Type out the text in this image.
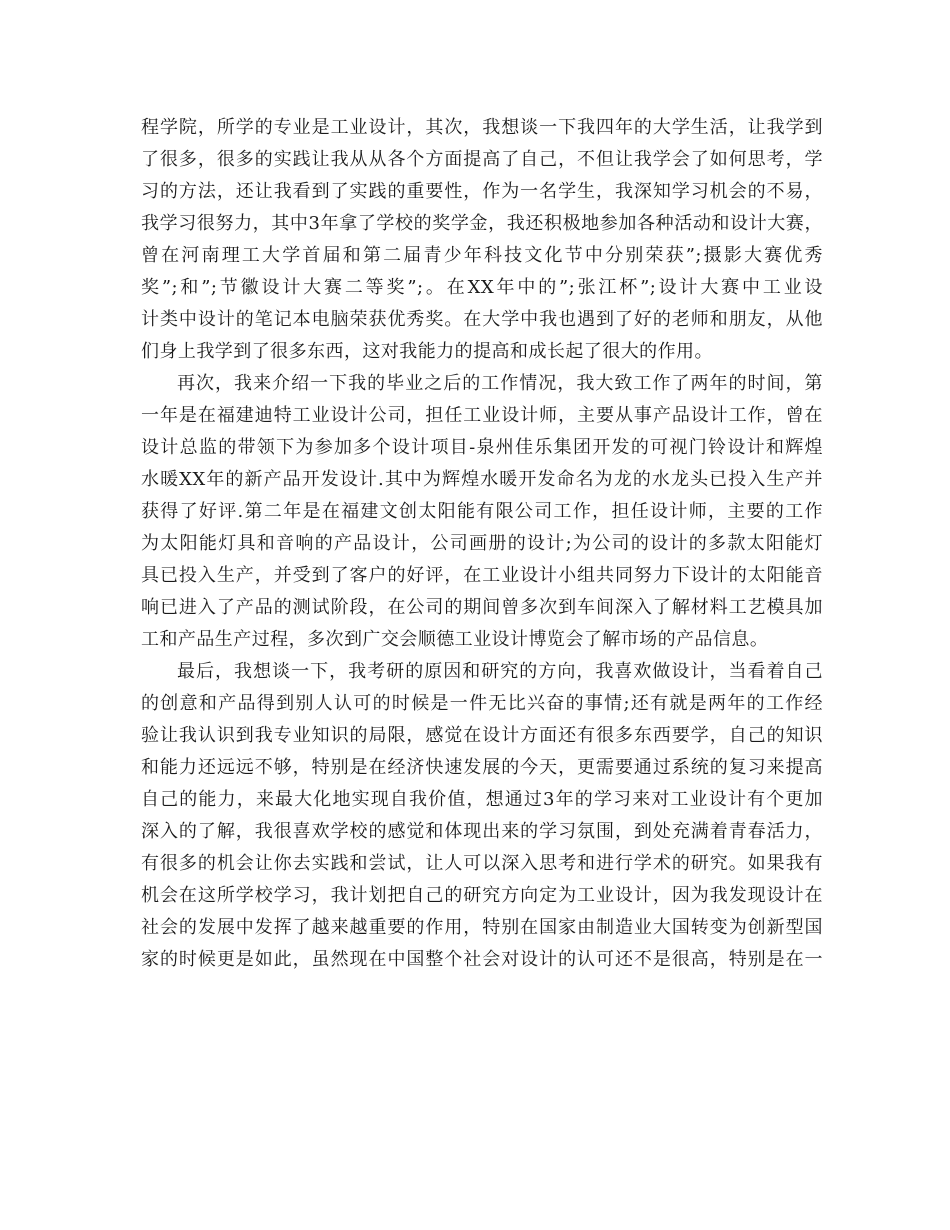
程学院，所学的专业是工业设计，其次，我想谈一下我四年的大学生活，让我学到
了很多，很多的实践让我从从各个方面提高了自己，不但让我学会了如何思考，学
习的方法，还让我看到了实践的重要性，作为一名学生，我深知学习机会的不易，
我学习很努力，其中3年拿了学校的奖学金，我还积极地参加各种活动和设计大赛，
曾在河南理工大学首届和第二届青少年科技文化节中分别荣获”;摄影大赛优秀
奖”;和”;节徽设计大赛二等奖”;。在XX年中的”;张江杯”;设计大赛中工业设
计类中设计的笔记本电脑荣获优秀奖。在大学中我也遇到了好的老师和朋友，从他
们身上我学到了很多东西，这对我能力的提高和成长起了很大的作用。
再次，我来介绍一下我的毕业之后的工作情况，我大致工作了两年的时间，第
一年是在福建迪特工业设计公司，担任工业设计师，主要从事产品设计工作，曾在
设计总监的带领下为参加多个设计项目-泉州佳乐集团开发的可视门铃设计和辉煌
水暖XX年的新产品开发设计.其中为辉煌水暖开发命名为龙的水龙头已投入生产并
获得了好评.第二年是在福建文创太阳能有限公司工作，担任设计师，主要的工作
为太阳能灯具和音响的产品设计，公司画册的设计;为公司的设计的多款太阳能灯
具已投入生产，并受到了客户的好评，在工业设计小组共同努力下设计的太阳能音
响已进入了产品的测试阶段，在公司的期间曾多次到车间深入了解材料工艺模具加
工和产品生产过程，多次到广交会顺德工业设计博览会了解市场的产品信息。
最后，我想谈一下，我考研的原因和研究的方向，我喜欢做设计，当看着自己
的创意和产品得到别人认可的时候是一件无比兴奋的事情;还有就是两年的工作经
验让我认识到我专业知识的局限，感觉在设计方面还有很多东西要学，自己的知识
和能力还远远不够，特别是在经济快速发展的今天，更需要通过系统的复习来提高
自己的能力，来最大化地实现自我价值，想通过3年的学习来对工业设计有个更加
深入的了解，我很喜欢学校的感觉和体现出来的学习氛围，到处充满着青春活力，
有很多的机会让你去实践和尝试，让人可以深入思考和进行学术的研究。如果我有
机会在这所学校学习，我计划把自己的研究方向定为工业设计，因为我发现设计在
社会的发展中发挥了越来越重要的作用，特别在国家由制造业大国转变为创新型国
家的时候更是如此，虽然现在中国整个社会对设计的认可还不是很高，特别是在一
